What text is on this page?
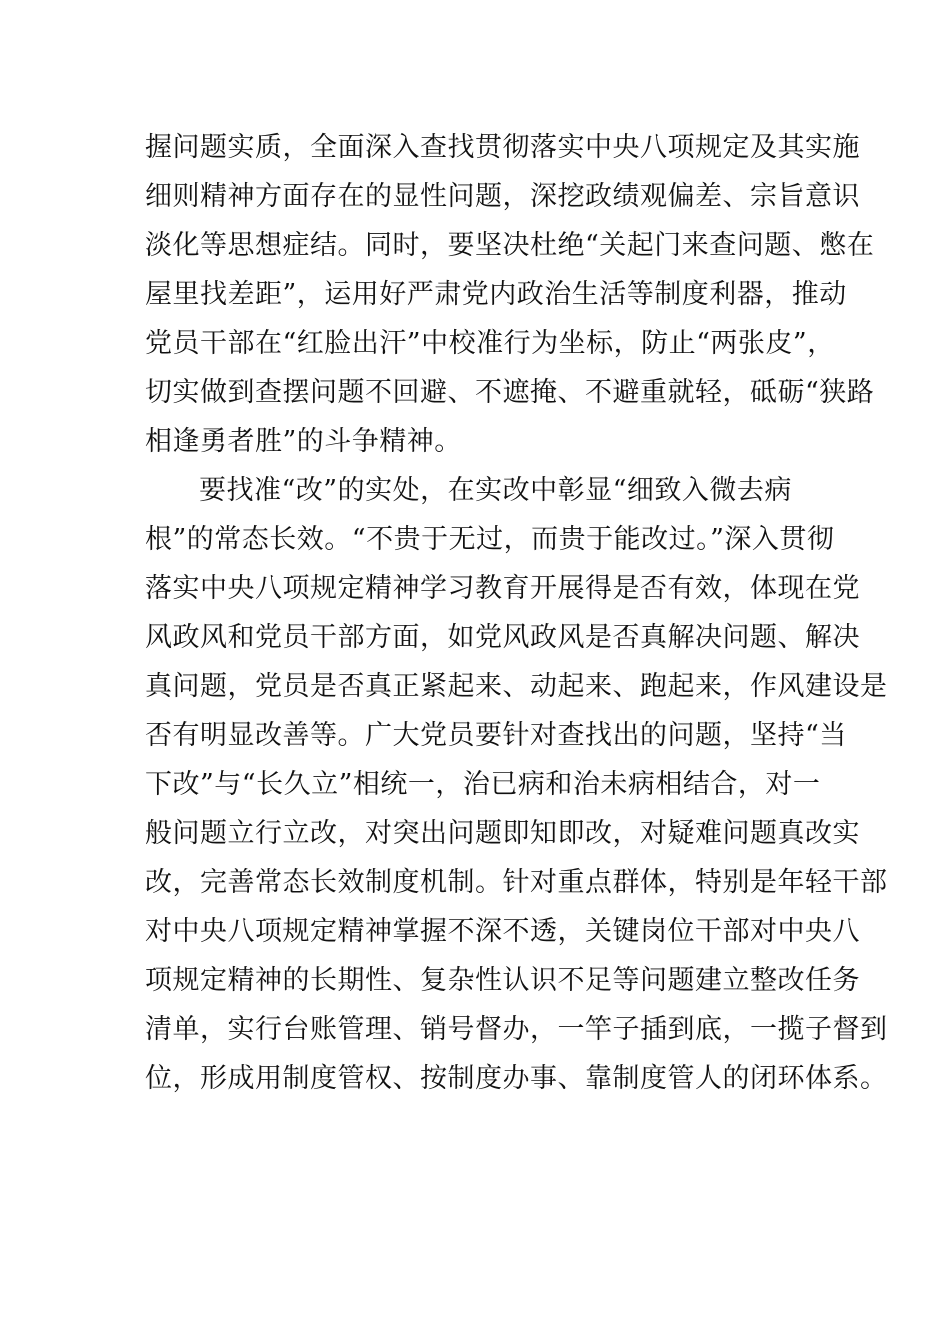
握问题实质，全面深入查找贯彻落实中央八项规定及其实施
细则精神方面存在的显性问题，深挖政绩观偏差、宗旨意识
淡化等思想症结。同时，要坚决杜绝“关起门来查问题、憋在
屋里找差距”，运用好严肃党内政治生活等制度利器，推动
党员干部在“红脸出汗”中校准行为坐标，防止“两张皮”，
切实做到查摆问题不回避、不遮掩、不避重就轻，砥砺“狭路
相逢勇者胜”的斗争精神。
要找准“改”的实处，在实改中彰显“细致入微去病
根”的常态长效。“不贵于无过，而贵于能改过。”深入贯彻
落实中央八项规定精神学习教育开展得是否有效，体现在党
风政风和党员干部方面，如党风政风是否真解决问题、解决
真问题，党员是否真正紧起来、动起来、跑起来，作风建设是
否有明显改善等。广大党员要针对查找出的问题，坚持“当
下改”与“长久立”相统一，治已病和治未病相结合，对一
般问题立行立改，对突出问题即知即改，对疑难问题真改实
改，完善常态长效制度机制。针对重点群体，特别是年轻干部
对中央八项规定精神掌握不深不透，关键岗位干部对中央八
项规定精神的长期性、复杂性认识不足等问题建立整改任务
清单，实行台账管理、销号督办，一竿子插到底，一揽子督到
位，形成用制度管权、按制度办事、靠制度管人的闭环体系。
